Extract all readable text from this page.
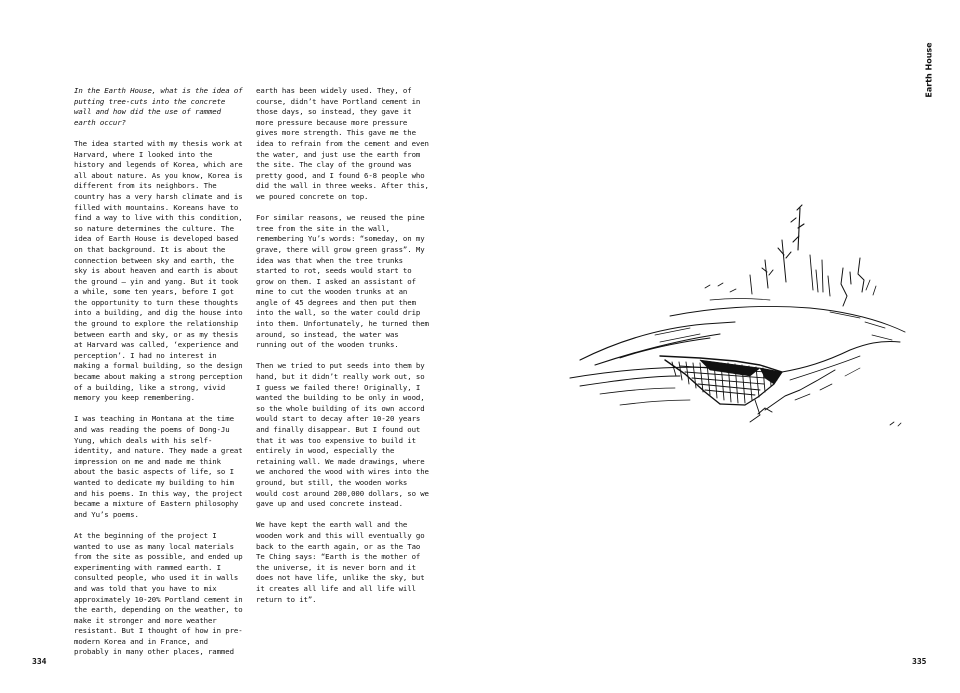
In the Earth House, what is the idea of putting tree-cuts into the concrete wall and how did the use of rammed earth occur?

The idea started with my thesis work at Harvard, where I looked into the history and legends of Korea, which are all about nature. As you know, Korea is different from its neighbors. The country has a very harsh climate and is filled with mountains. Koreans have to find a way to live with this condition, so nature determines the culture. The idea of Earth House is developed based on that background. It is about the connection between sky and earth, the sky is about heaven and earth is about the ground – yin and yang. But it took a while, some ten years, before I got the opportunity to turn these thoughts into a building, and dig the house into the ground to explore the relationship between earth and sky, or as my thesis at Harvard was called, ‘experience and perception’. I had no interest in making a formal building, so the design became about making a strong perception of a building, like a strong, vivid memory you keep remembering.

I was teaching in Montana at the time and was reading the poems of Dong-Ju Yung, which deals with his self-identity, and nature. They made a great impression on me and made me think about the basic aspects of life, so I wanted to dedicate my building to him and his poems. In this way, the project became a mixture of Eastern philosophy and Yu’s poems.

At the beginning of the project I wanted to use as many local materials from the site as possible, and ended up experimenting with rammed earth. I consulted people, who used it in walls and was told that you have to mix approximately 10-20% Portland cement in the earth, depending on the weather, to make it stronger and more weather resistant. But I thought of how in pre-modern Korea and in France, and probably in many other places, rammed

earth has been widely used. They, of course, didn’t have Portland cement in those days, so instead, they gave it more pressure because more pressure gives more strength. This gave me the idea to refrain from the cement and even the water, and just use the earth from the site. The clay of the ground was pretty good, and I found 6-8 people who did the wall in three weeks. After this, we poured concrete on top.

For similar reasons, we reused the pine tree from the site in the wall, remembering Yu’s words: “someday, on my grave, there will grow green grass”. My idea was that when the tree trunks started to rot, seeds would start to grow on them. I asked an assistant of mine to cut the wooden trunks at an angle of 45 degrees and then put them into the wall, so the water could drip into them. Unfortunately, he turned them around, so instead, the water was running out of the wooden trunks.

Then we tried to put seeds into them by hand, but it didn’t really work out, so I guess we failed there! Originally, I wanted the building to be only in wood, so the whole building of its own accord would start to decay after 10-20 years and finally disappear. But I found out that it was too expensive to build it entirely in wood, especially the retaining wall. We made drawings, where we anchored the wood with wires into the ground, but still, the wooden works would cost around 200,000 dollars, so we gave up and used concrete instead.

We have kept the earth wall and the wooden work and this will eventually go back to the earth again, or as the Tao Te Ching says: “Earth is the mother of the universe, it is never born and it does not have life, unlike the sky, but it creates all life and all life will return to it”.

Earth House
334	335
